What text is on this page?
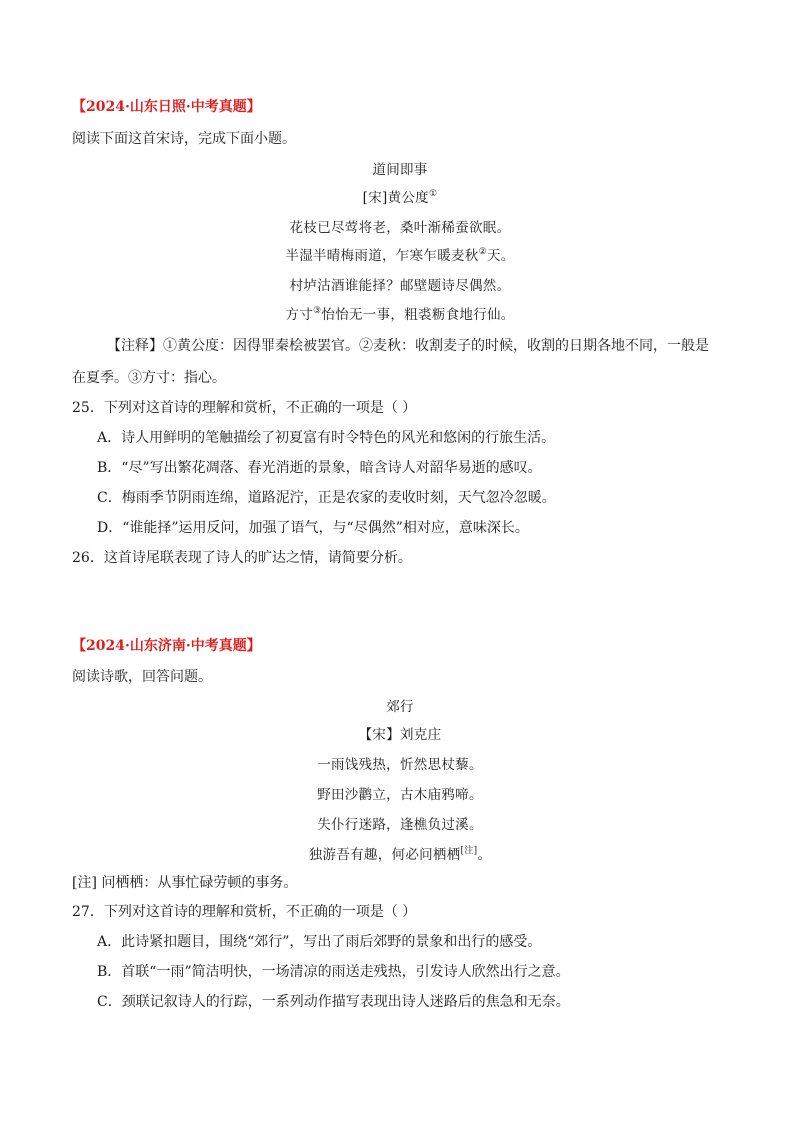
【2024·山东日照·中考真题】
阅读下面这首宋诗，完成下面小题。
道间即事
[宋]黄公度①
花枝已尽莺将老，桑叶渐稀蚕欲眠。
半湿半晴梅雨道，乍寒乍暖麦秋②天。
村垆沽酒谁能择？邮壁题诗尽偶然。
方寸③怡怡无一事，粗裘粝食地行仙。
【注释】①黄公度：因得罪秦桧被罢官。②麦秋：收割麦子的时候，收割的日期各地不同，一般是
在夏季。③方寸：指心。
25．下列对这首诗的理解和赏析，不正确的一项是（ ）
A．诗人用鲜明的笔触描绘了初夏富有时令特色的风光和悠闲的行旅生活。
B．“尽”写出繁花凋落、春光消逝的景象，暗含诗人对韶华易逝的感叹。
C．梅雨季节阴雨连绵，道路泥泞，正是农家的麦收时刻，天气忽冷忽暖。
D．“谁能择”运用反问，加强了语气，与“尽偶然”相对应，意味深长。
26．这首诗尾联表现了诗人的旷达之情，请简要分析。
【2024·山东济南·中考真题】
阅读诗歌，回答问题。
郊行
【宋】刘克庄
一雨饯残热，忻然思杖藜。
野田沙鹳立，古木庙鸦啼。
失仆行迷路，逢樵负过溪。
独游吾有趣，何必问栖栖[注]。
[注] 问栖栖：从事忙碌劳顿的事务。
27．下列对这首诗的理解和赏析，不正确的一项是（ ）
A．此诗紧扣题目，围绕“郊行”，写出了雨后郊野的景象和出行的感受。
B．首联“一雨”简洁明快，一场清凉的雨送走残热，引发诗人欣然出行之意。
C．颈联记叙诗人的行踪，一系列动作描写表现出诗人迷路后的焦急和无奈。
